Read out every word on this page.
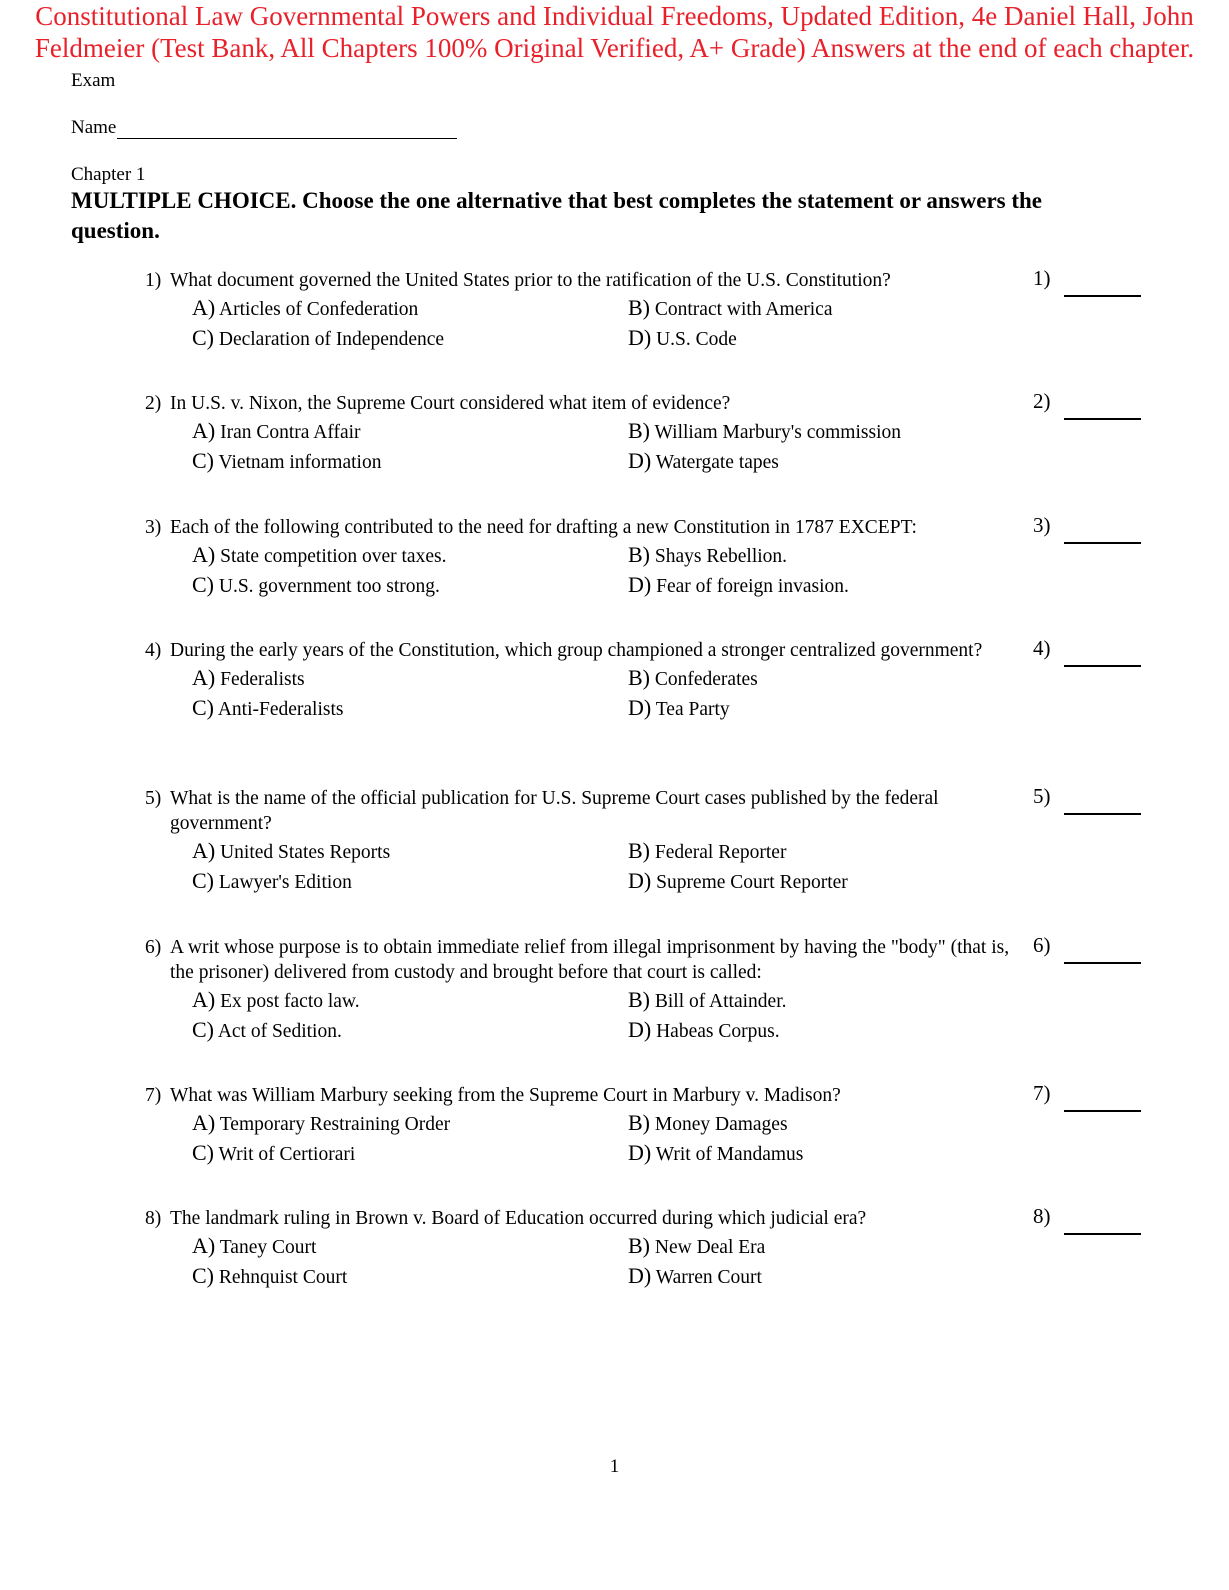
Constitutional Law Governmental Powers and Individual Freedoms, Updated Edition, 4e Daniel Hall, John Feldmeier (Test Bank, All Chapters 100% Original Verified, A+ Grade) Answers at the end of each chapter.
Exam
Name
Chapter 1
MULTIPLE CHOICE. Choose the one alternative that best completes the statement or answers the question.
1) What document governed the United States prior to the ratification of the U.S. Constitution?
A) Articles of Confederation	B) Contract with America
C) Declaration of Independence	D) U.S. Code
1)
2) In U.S. v. Nixon, the Supreme Court considered what item of evidence?
A) Iran Contra Affair	B) William Marbury's commission
C) Vietnam information	D) Watergate tapes
2)
3) Each of the following contributed to the need for drafting a new Constitution in 1787 EXCEPT:
A) State competition over taxes.	B) Shays Rebellion.
C) U.S. government too strong.	D) Fear of foreign invasion.
3)
4) During the early years of the Constitution, which group championed a stronger centralized government?
A) Federalists	B) Confederates
C) Anti-Federalists	D) Tea Party
4)
5) What is the name of the official publication for U.S. Supreme Court cases published by the federal government?
A) United States Reports	B) Federal Reporter
C) Lawyer's Edition	D) Supreme Court Reporter
5)
6) A writ whose purpose is to obtain immediate relief from illegal imprisonment by having the "body" (that is, the prisoner) delivered from custody and brought before that court is called:
A) Ex post facto law.	B) Bill of Attainder.
C) Act of Sedition.	D) Habeas Corpus.
6)
7) What was William Marbury seeking from the Supreme Court in Marbury v. Madison?
A) Temporary Restraining Order	B) Money Damages
C) Writ of Certiorari	D) Writ of Mandamus
7)
8) The landmark ruling in Brown v. Board of Education occurred during which judicial era?
A) Taney Court	B) New Deal Era
C) Rehnquist Court	D) Warren Court
8)
1
